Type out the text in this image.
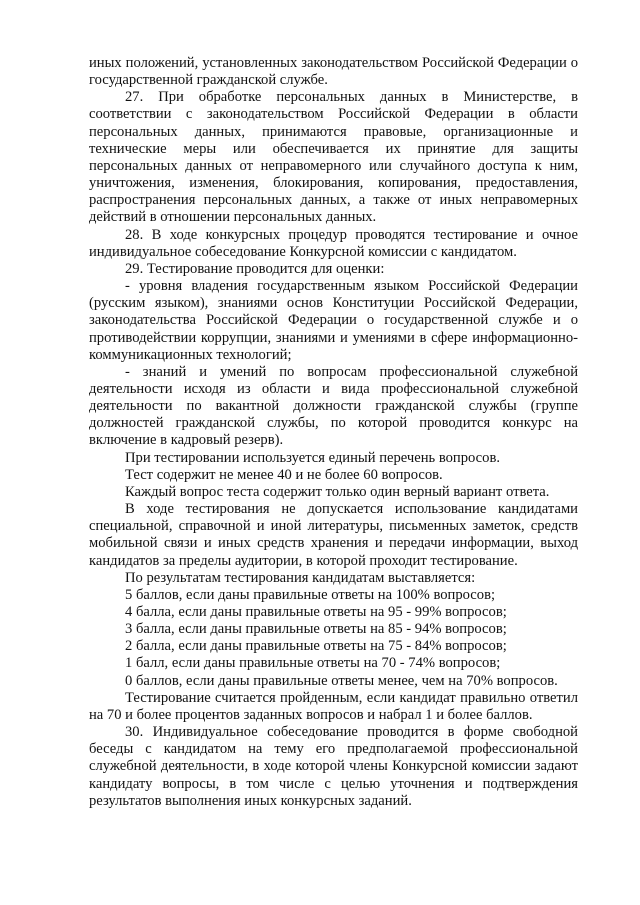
иных положений, установленных законодательством Российской Федерации о государственной гражданской службе.

27. При обработке персональных данных в Министерстве, в соответствии с законодательством Российской Федерации в области персональных данных, принимаются правовые, организационные и технические меры или обеспечивается их принятие для защиты персональных данных от неправомерного или случайного доступа к ним, уничтожения, изменения, блокирования, копирования, предоставления, распространения персональных данных, а также от иных неправомерных действий в отношении персональных данных.

28. В ходе конкурсных процедур проводятся тестирование и очное индивидуальное собеседование Конкурсной комиссии с кандидатом.

29. Тестирование проводится для оценки:

- уровня владения государственным языком Российской Федерации (русским языком), знаниями основ Конституции Российской Федерации, законодательства Российской Федерации о государственной службе и о противодействии коррупции, знаниями и умениями в сфере информационно-коммуникационных технологий;

- знаний и умений по вопросам профессиональной служебной деятельности исходя из области и вида профессиональной служебной деятельности по вакантной должности гражданской службы (группе должностей гражданской службы, по которой проводится конкурс на включение в кадровый резерв).

При тестировании используется единый перечень вопросов.

Тест содержит не менее 40 и не более 60 вопросов.

Каждый вопрос теста содержит только один верный вариант ответа.

В ходе тестирования не допускается использование кандидатами специальной, справочной и иной литературы, письменных заметок, средств мобильной связи и иных средств хранения и передачи информации, выход кандидатов за пределы аудитории, в которой проходит тестирование.

По результатам тестирования кандидатам выставляется:

5 баллов, если даны правильные ответы на 100% вопросов;

4 балла, если даны правильные ответы на 95 - 99% вопросов;

3 балла, если даны правильные ответы на 85 - 94% вопросов;

2 балла, если даны правильные ответы на 75 - 84% вопросов;

1 балл, если даны правильные ответы на 70 - 74% вопросов;

0 баллов, если даны правильные ответы менее, чем на 70% вопросов.

Тестирование считается пройденным, если кандидат правильно ответил на 70 и более процентов заданных вопросов и набрал 1 и более баллов.

30. Индивидуальное собеседование проводится в форме свободной беседы с кандидатом на тему его предполагаемой профессиональной служебной деятельности, в ходе которой члены Конкурсной комиссии задают кандидату вопросы, в том числе с целью уточнения и подтверждения результатов выполнения иных конкурсных заданий.
